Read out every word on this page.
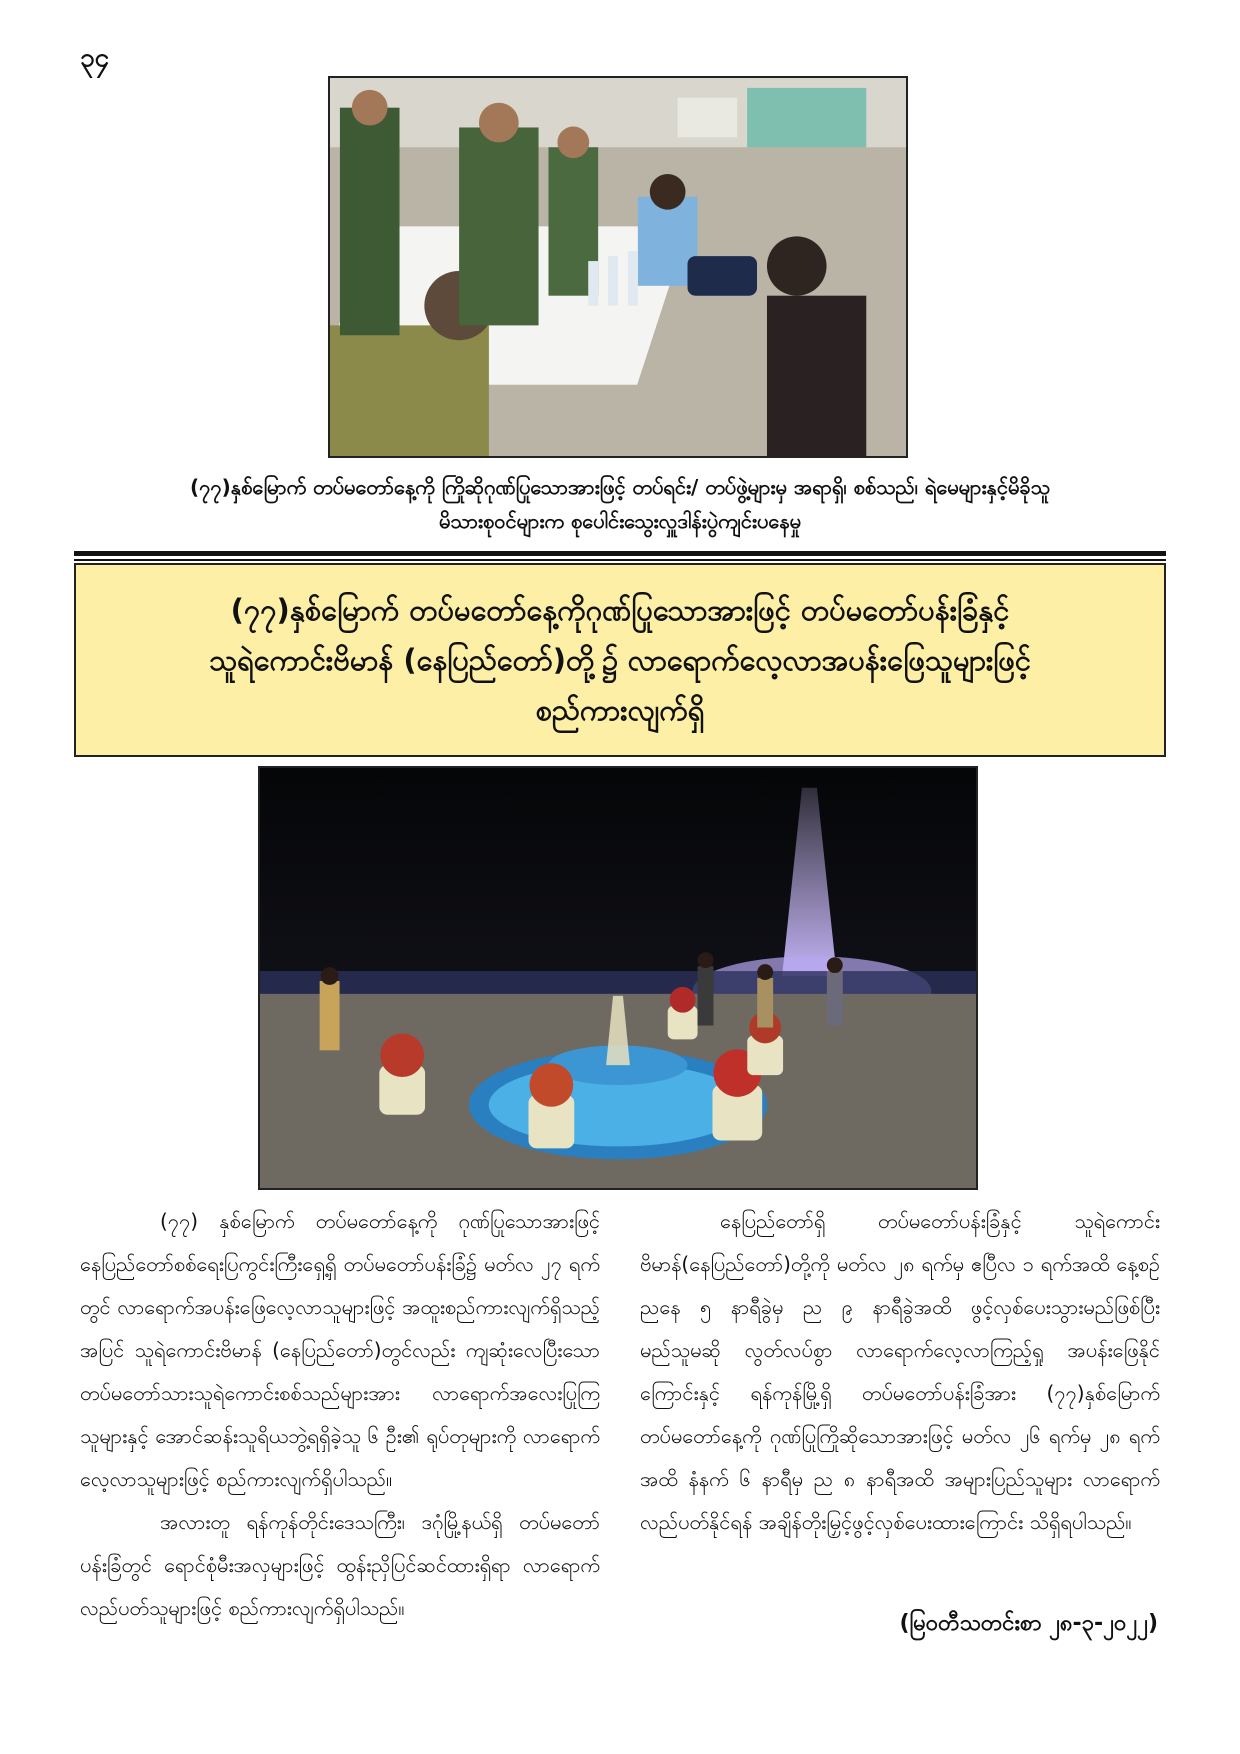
၃၄
(၇၇)နှစ်မြောက် တပ်မတော်နေ့ကို ကြိုဆိုဂုဏ်ပြုသောအားဖြင့် တပ်ရင်း/ တပ်ဖွဲ့များမှ အရာရှိ၊ စစ်သည်၊ ရဲမေများနှင့်မိခိုသူ
မိသားစုဝင်များက စုပေါင်းသွေးလှူဒါန်းပွဲကျင်းပနေမှု
(၇၇)နှစ်မြောက် တပ်မတော်နေ့ကိုဂုဏ်ပြုသောအားဖြင့် တပ်မတော်ပန်းခြံနှင့်
သူရဲကောင်းဗိမာန် (နေပြည်တော်)တို့၌ လာရောက်လေ့လာအပန်းဖြေသူများဖြင့်
စည်ကားလျက်ရှိ

(၇၇) နှစ်မြောက် တပ်မတော်နေ့ကို ဂုဏ်ပြုသောအားဖြင့် နေပြည်တော်စစ်ရေးပြကွင်းကြီးရှေ့ရှိ တပ်မတော်ပန်းခြံ၌ မတ်လ ၂၇ ရက်တွင် လာရောက်အပန်းဖြေလေ့လာသူများဖြင့် အထူးစည်ကားလျက်ရှိသည့်အပြင် သူရဲကောင်းဗိမာန် (နေပြည်တော်)တွင်လည်း ကျဆုံးလေပြီးသော တပ်မတော်သားသူရဲကောင်းစစ်သည်များအား လာရောက်အလေးပြုကြသူများနှင့် အောင်ဆန်းသူရိယဘွဲ့ရရှိခဲ့သူ ၆ ဦး၏ ရုပ်တုများကို လာရောက်လေ့လာသူများဖြင့် စည်ကားလျက်ရှိပါသည်။

အလားတူ ရန်ကုန်တိုင်းဒေသကြီး၊ ဒဂုံမြို့နယ်ရှိ တပ်မတော်ပန်းခြံတွင် ရောင်စုံမီးအလှများဖြင့် ထွန်းညှိပြင်ဆင်ထားရှိရာ လာရောက်လည်ပတ်သူများဖြင့် စည်ကားလျက်ရှိပါသည်။

နေပြည်တော်ရှိ တပ်မတော်ပန်းခြံနှင့် သူရဲကောင်းဗိမာန်(နေပြည်တော်)တို့ကို မတ်လ ၂၈ ရက်မှ ဧပြီလ ၁ ရက်အထိ နေ့စဉ် ညနေ ၅ နာရီခွဲမှ ည ၉ နာရီခွဲအထိ ဖွင့်လှစ်ပေးသွားမည်ဖြစ်ပြီး မည်သူမဆို လွတ်လပ်စွာ လာရောက်လေ့လာကြည့်ရှု အပန်းဖြေနိုင်ကြောင်းနှင့် ရန်ကုန်မြို့ရှိ တပ်မတော်ပန်းခြံအား (၇၇)နှစ်မြောက် တပ်မတော်နေ့ကို ဂုဏ်ပြုကြိုဆိုသောအားဖြင့် မတ်လ ၂၆ ရက်မှ ၂၈ ရက်အထိ နံနက် ၆ နာရီမှ ည ၈ နာရီအထိ အများပြည်သူများ လာရောက်လည်ပတ်နိုင်ရန် အချိန်တိုးမြှင့်ဖွင့်လှစ်ပေးထားကြောင်း သိရှိရပါသည်။

(မြဝတီသတင်းစာ ၂၈-၃-၂၀၂၂)
